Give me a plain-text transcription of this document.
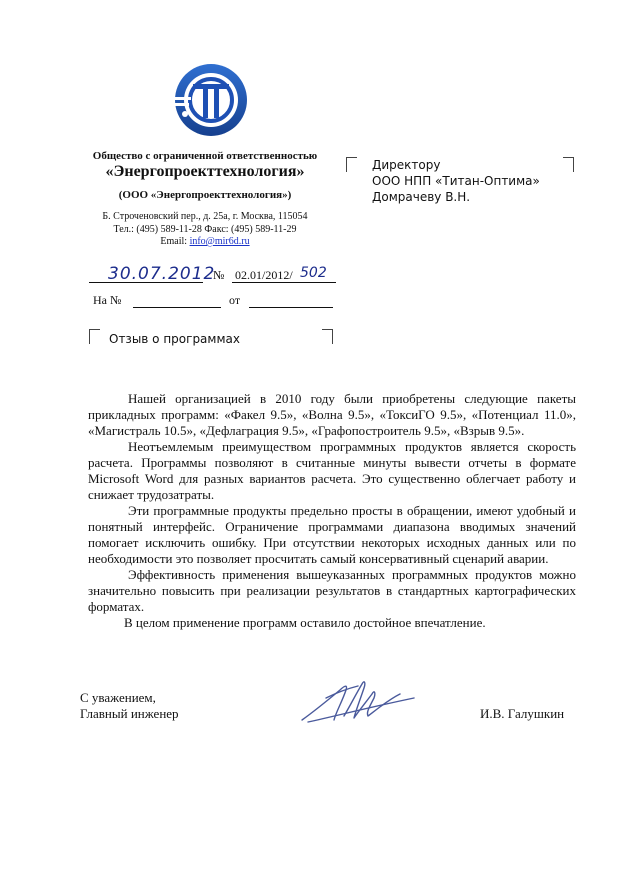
Общество с ограниченной ответственностью
«Энергопроекттехнология»
(ООО «Энергопроекттехнология»)
Б. Строченовский пер., д. 25а, г. Москва, 115054
Тел.: (495) 589-11-28 Факс: (495) 589-11-29
Email: info@mir6d.ru
Директору
ООО НПП «Титан-Оптима»
Домрачеву В.Н.
30.07.2012
№ 02.01/2012/ 502
На №	от
Отзыв о программах

Нашей организацией в 2010 году были приобретены следующие пакеты прикладных программ: «Факел 9.5», «Волна 9.5», «ТоксиГО 9.5», «Потенциал 11.0», «Магистраль 10.5», «Дефлаграция 9.5», «Графопостроитель 9.5», «Взрыв 9.5».

Неотъемлемым преимуществом программных продуктов является скорость расчета. Программы позволяют в считанные минуты вывести отчеты в формате Microsoft Word для разных вариантов расчета. Это существенно облегчает работу и снижает трудозатраты.

Эти программные продукты предельно просты в обращении, имеют удобный и понятный интерфейс. Ограничение программами диапазона вводимых значений помогает исключить ошибку. При отсутствии некоторых исходных данных или по необходимости это позволяет просчитать самый консервативный сценарий аварии.

Эффективность применения вышеуказанных программных продуктов можно значительно повысить при реализации результатов в стандартных картографических форматах.

В целом применение программ оставило достойное впечатление.

С уважением,
Главный инженер	И.В. Галушкин
